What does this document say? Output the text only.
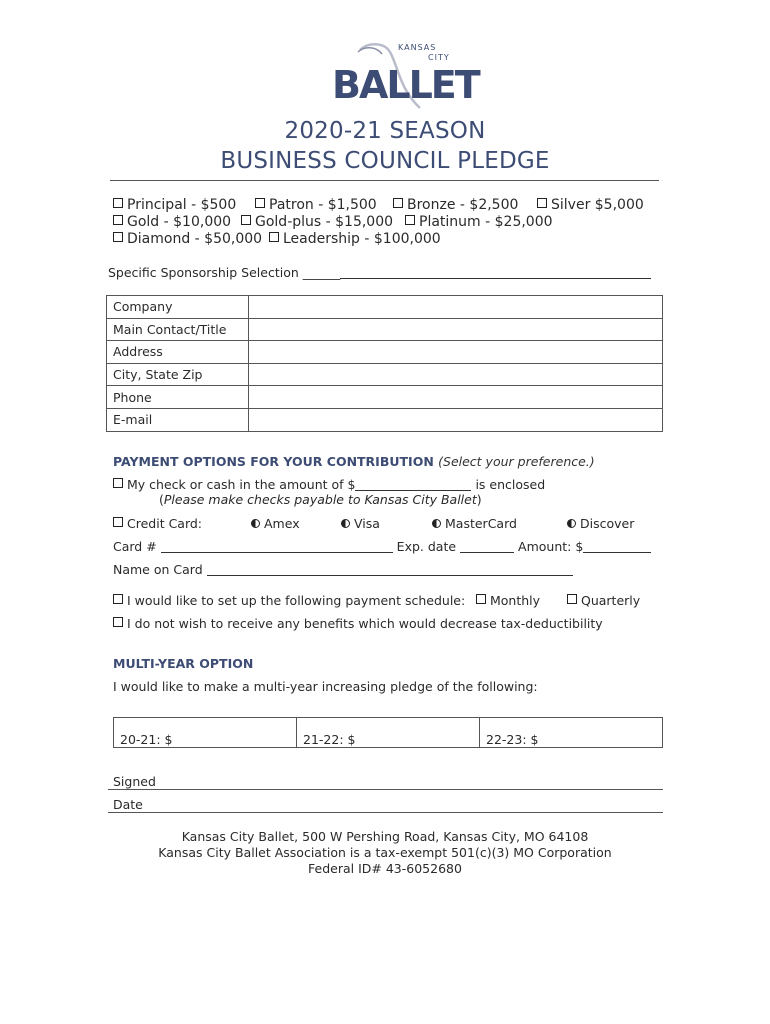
KANSAS
CITY
BALLET
2020-21 SEASON
BUSINESS COUNCIL PLEDGE
Principal - $500	Patron - $1,500	Bronze - $2,500	Silver $5,000
Gold - $10,000	Gold-plus - $15,000	Platinum - $25,000
Diamond - $50,000	Leadership - $100,000
Specific Sponsorship Selection ______
Company	
Main Contact/Title	
Address	
City, State Zip	
Phone	
E-mail	
PAYMENT OPTIONS FOR YOUR CONTRIBUTION (Select your preference.)
My check or cash in the amount of $	is enclosed
(Please make checks payable to Kansas City Ballet)
Credit Card:	Amex	Visa	MasterCard	Discover
Card #	Exp. date	Amount: $
Name on Card
I would like to set up the following payment schedule:	Monthly	Quarterly
I do not wish to receive any benefits which would decrease tax-deductibility
MULTI-YEAR OPTION
I would like to make a multi-year increasing pledge of the following:
20-21: $	21-22: $	22-23: $
Signed
Date
Kansas City Ballet, 500 W Pershing Road, Kansas City, MO 64108
Kansas City Ballet Association is a tax-exempt 501(c)(3) MO Corporation
Federal ID# 43-6052680
